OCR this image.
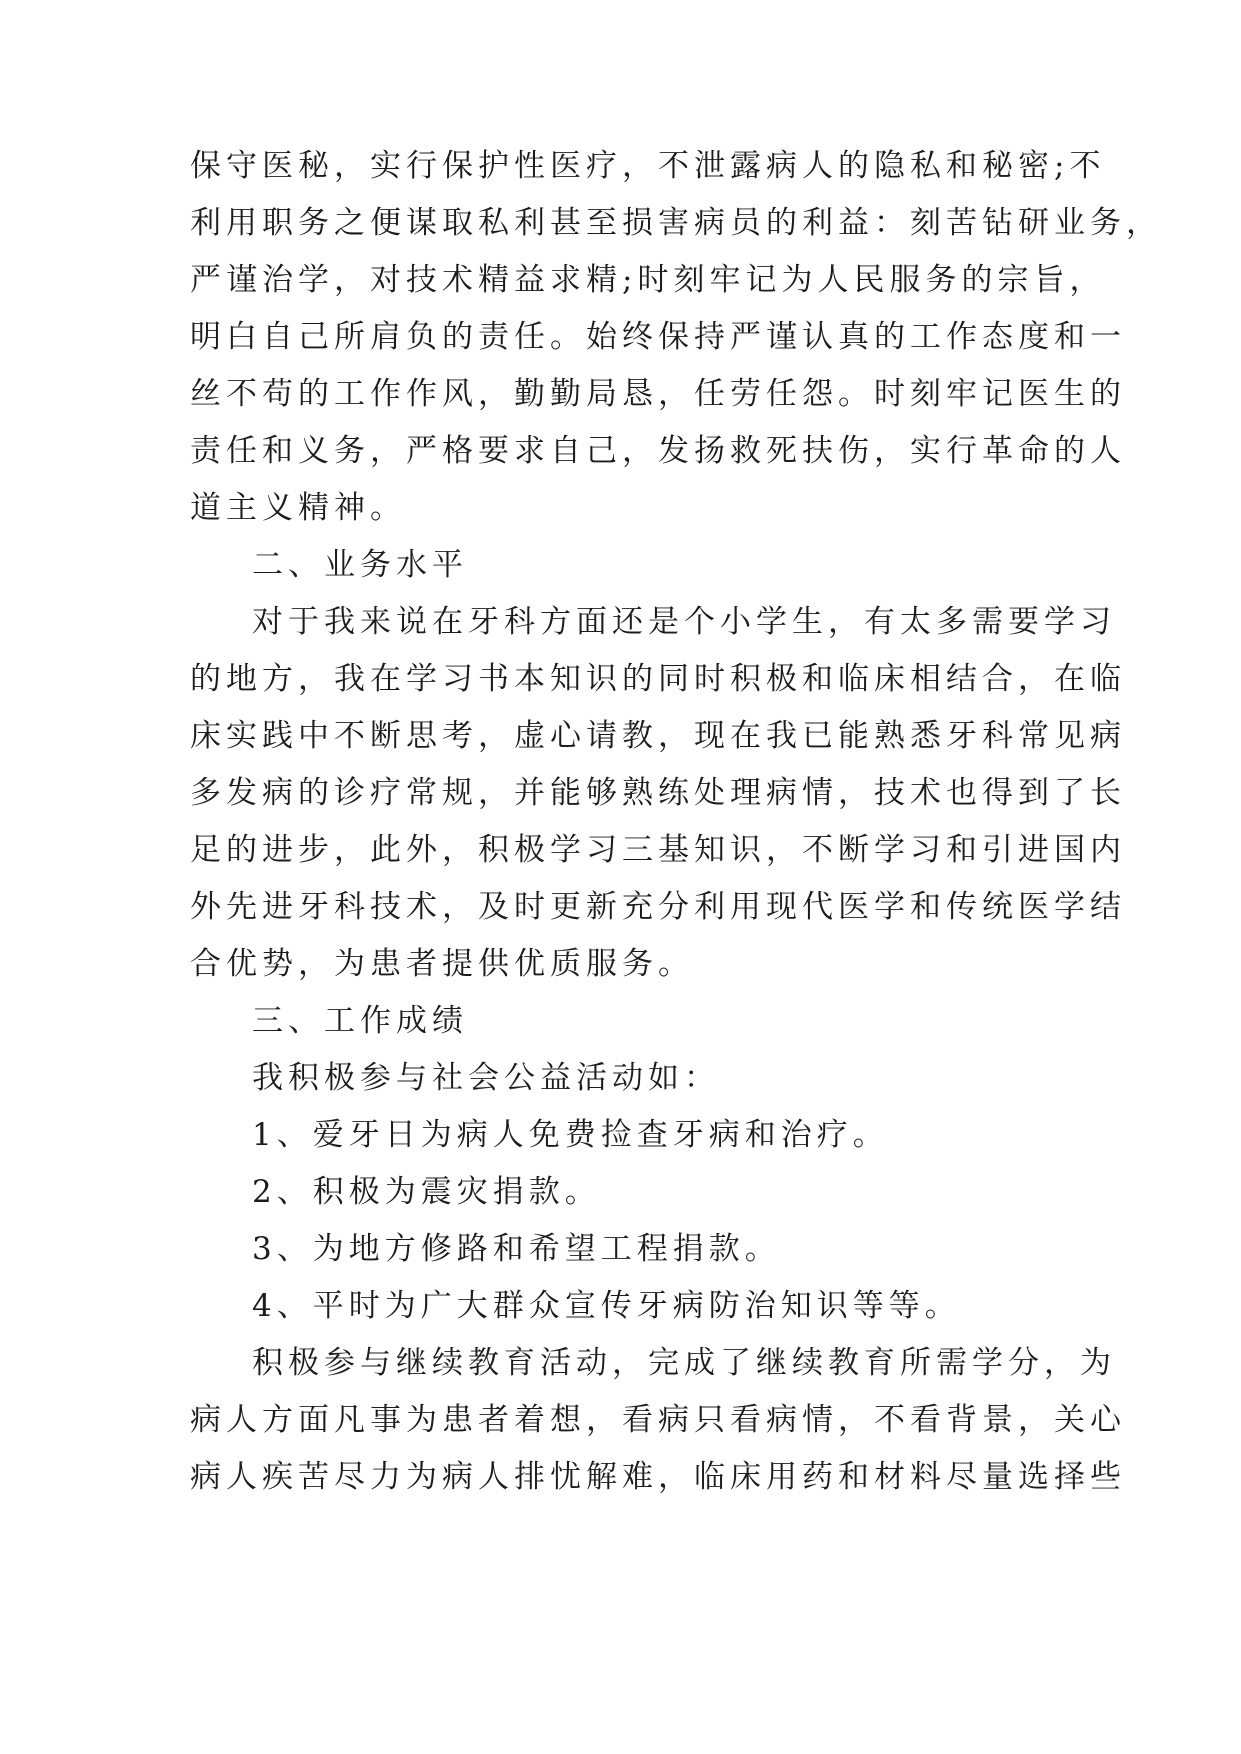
保守医秘，实行保护性医疗，不泄露病人的隐私和秘密;不
利用职务之便谋取私利甚至损害病员的利益：刻苦钻研业务，
严谨治学，对技术精益求精;时刻牢记为人民服务的宗旨，
明白自己所肩负的责任。始终保持严谨认真的工作态度和一
丝不苟的工作作风，勤勤局恳，任劳任怨。时刻牢记医生的
责任和义务，严格要求自己，发扬救死扶伤，实行革命的人
道主义精神。
二、业务水平
对于我来说在牙科方面还是个小学生，有太多需要学习
的地方，我在学习书本知识的同时积极和临床相结合，在临
床实践中不断思考，虚心请教，现在我已能熟悉牙科常见病
多发病的诊疗常规，并能够熟练处理病情，技术也得到了长
足的进步，此外，积极学习三基知识，不断学习和引进国内
外先进牙科技术，及时更新充分利用现代医学和传统医学结
合优势，为患者提供优质服务。
三、工作成绩
我积极参与社会公益活动如：
1、爱牙日为病人免费捡查牙病和治疗。
2、积极为震灾捐款。
3、为地方修路和希望工程捐款。
4、平时为广大群众宣传牙病防治知识等等。
积极参与继续教育活动，完成了继续教育所需学分，为
病人方面凡事为患者着想，看病只看病情，不看背景，关心
病人疾苦尽力为病人排忧解难，临床用药和材料尽量选择些
